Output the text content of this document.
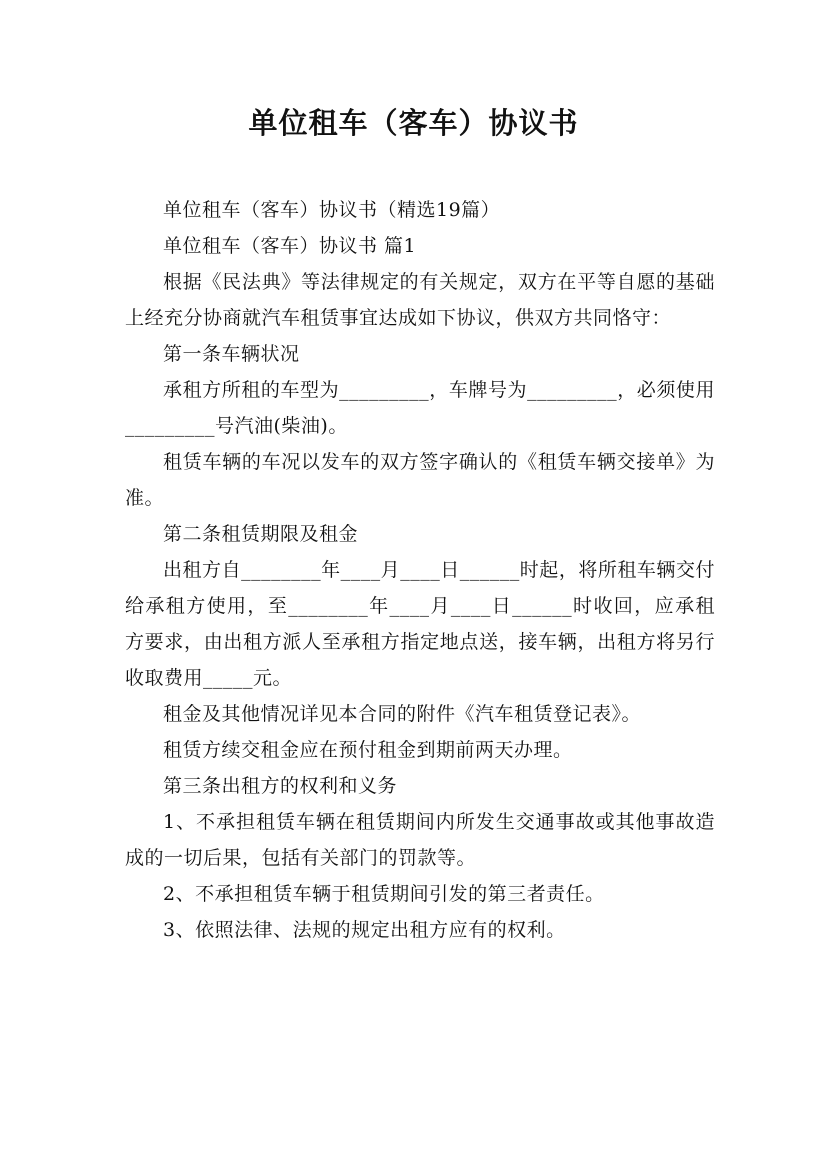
单位租车（客车）协议书

单位租车（客车）协议书（精选19篇）

单位租车（客车）协议书 篇1

根据《民法典》等法律规定的有关规定，双方在平等自愿的基础上经充分协商就汽车租赁事宜达成如下协议，供双方共同恪守：

第一条车辆状况

承租方所租的车型为_________，车牌号为_________，必须使用_________号汽油(柴油)。

租赁车辆的车况以发车的双方签字确认的《租赁车辆交接单》为准。

第二条租赁期限及租金

出租方自________年____月____日______时起，将所租车辆交付给承租方使用，至________年____月____日______时收回，应承租方要求，由出租方派人至承租方指定地点送，接车辆，出租方将另行收取费用_____元。

租金及其他情况详见本合同的附件《汽车租赁登记表》。

租赁方续交租金应在预付租金到期前两天办理。

第三条出租方的权利和义务

1、不承担租赁车辆在租赁期间内所发生交通事故或其他事故造成的一切后果，包括有关部门的罚款等。

2、不承担租赁车辆于租赁期间引发的第三者责任。

3、依照法律、法规的规定出租方应有的权利。
